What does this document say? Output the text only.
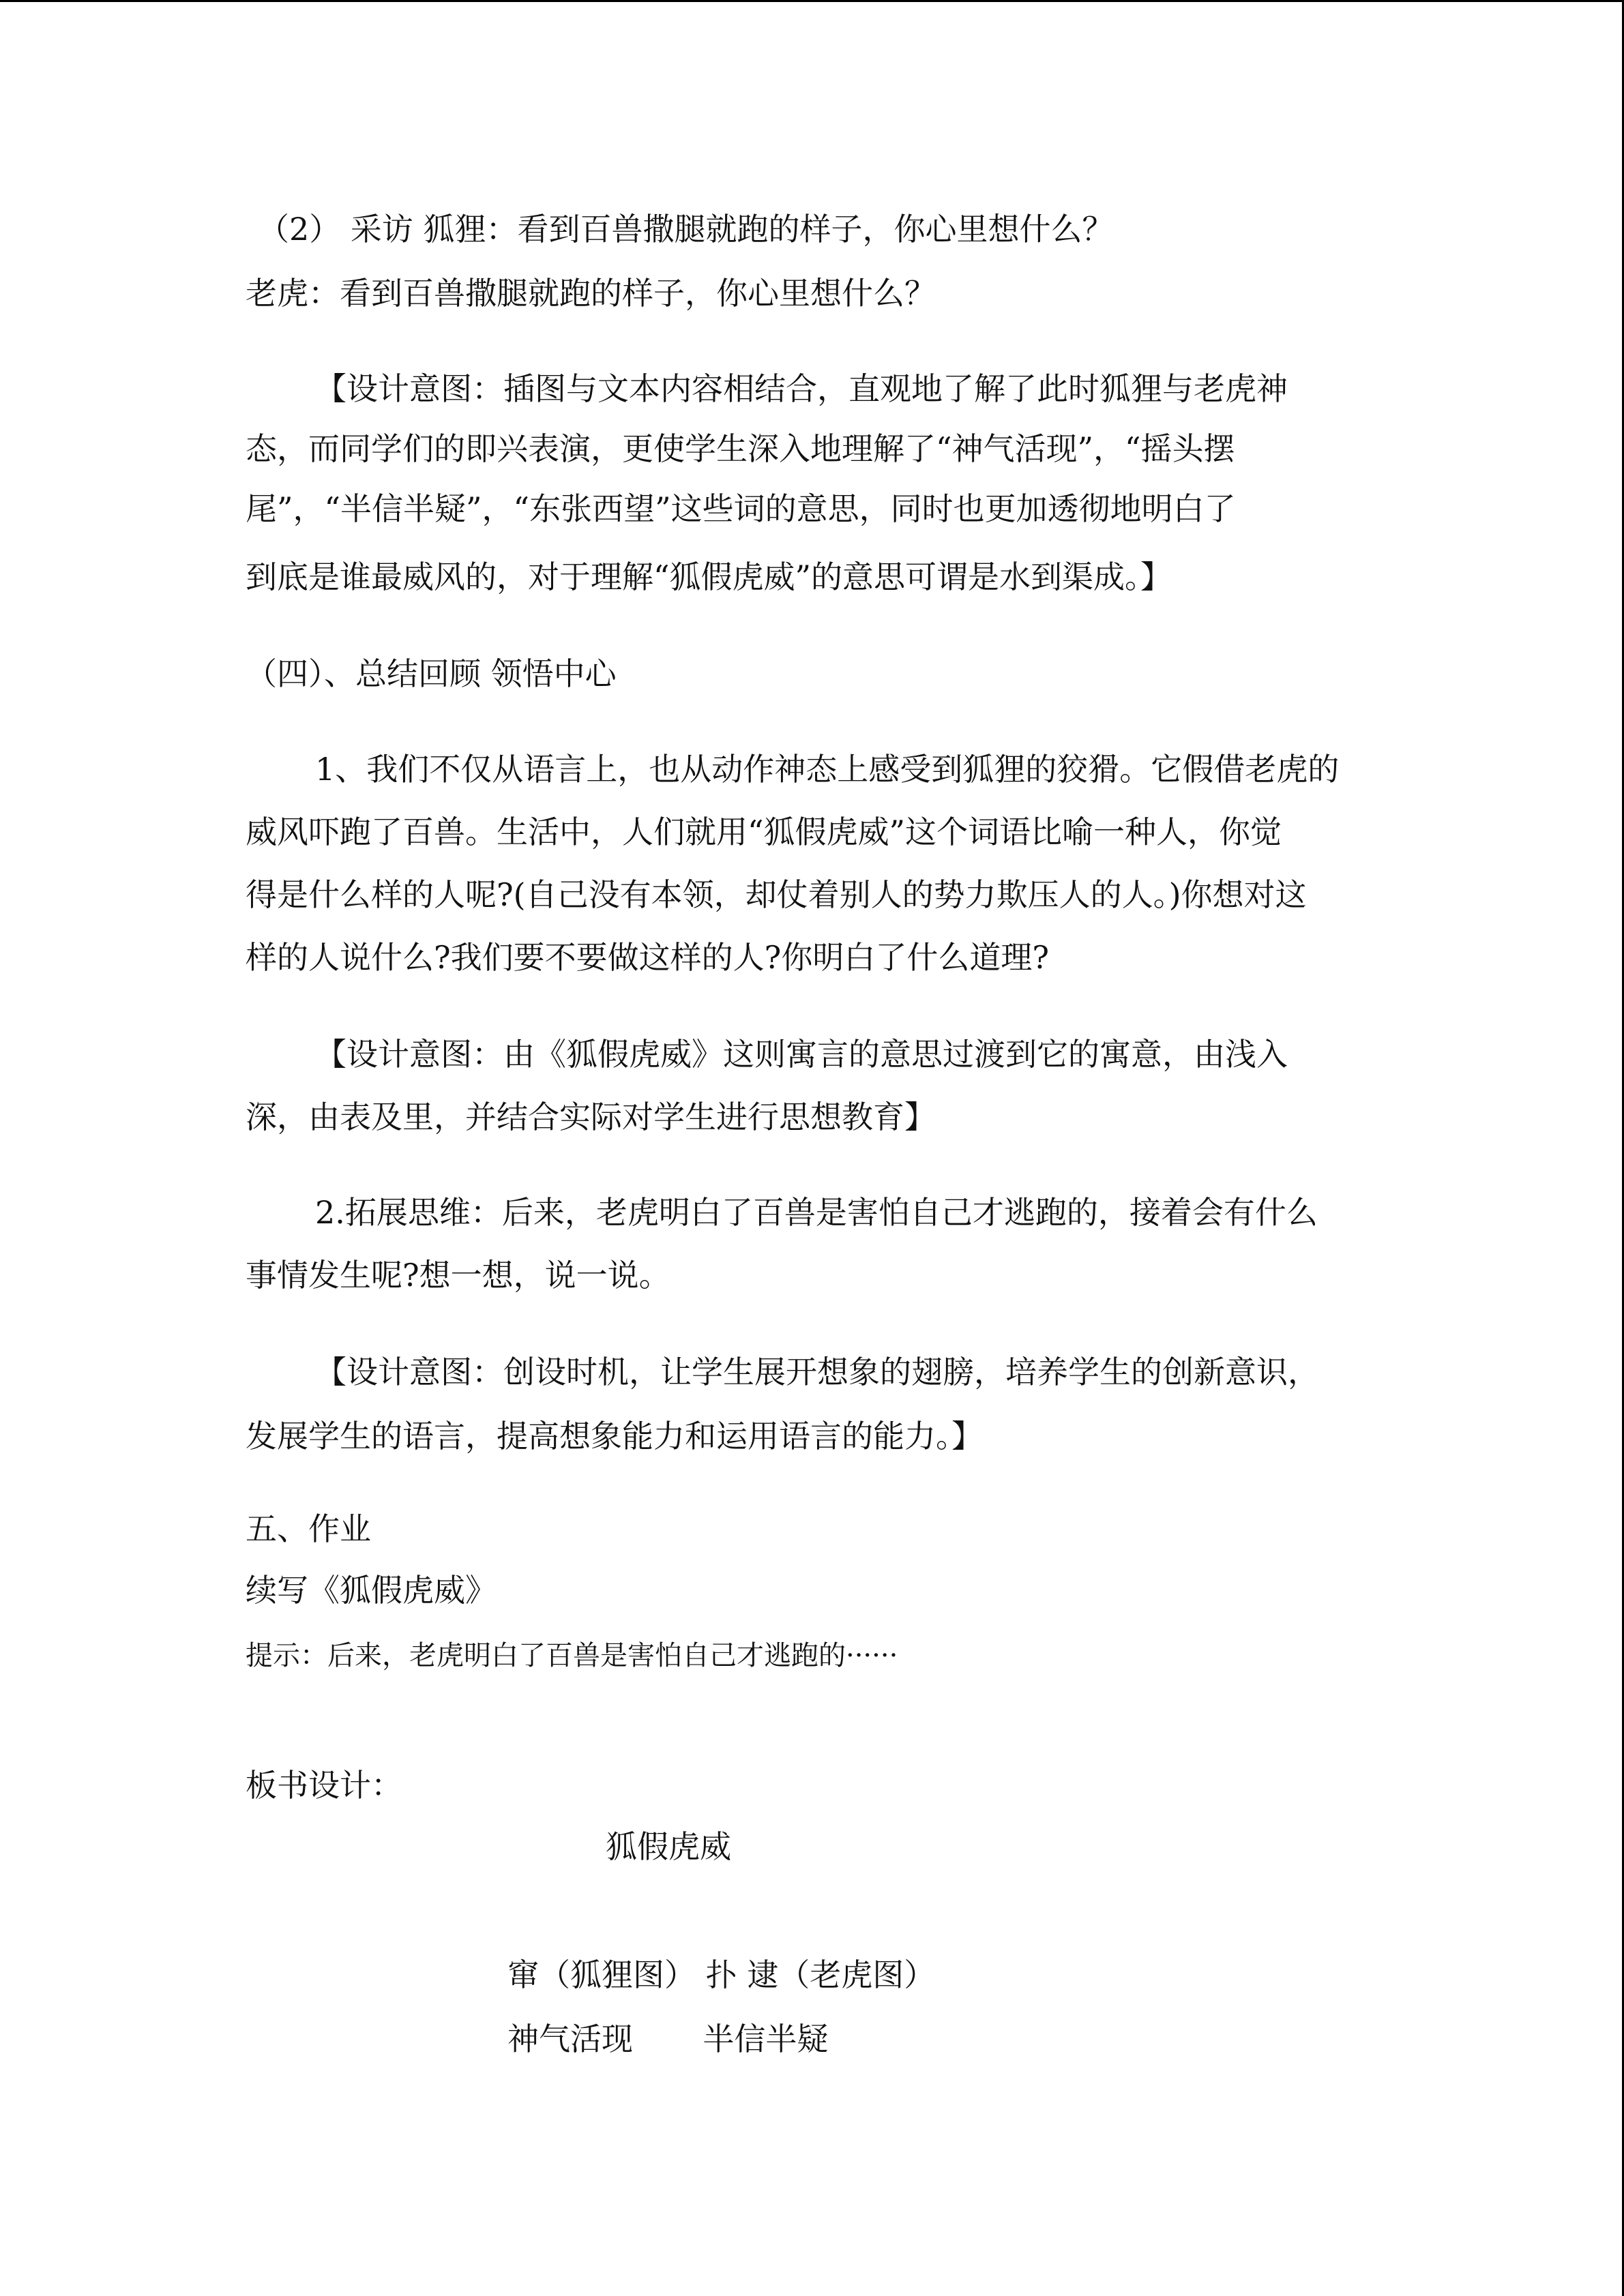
（2） 采访 狐狸：看到百兽撒腿就跑的样子，你心里想什么？
老虎：看到百兽撒腿就跑的样子，你心里想什么？
【设计意图：插图与文本内容相结合，直观地了解了此时狐狸与老虎神
态，而同学们的即兴表演，更使学生深入地理解了“神气活现”，“摇头摆
尾”，“半信半疑”，“东张西望”这些词的意思，同时也更加透彻地明白了
到底是谁最威风的，对于理解“狐假虎威”的意思可谓是水到渠成。】
（四）、总结回顾 领悟中心
1、我们不仅从语言上，也从动作神态上感受到狐狸的狡猾。它假借老虎的
威风吓跑了百兽。生活中，人们就用“狐假虎威”这个词语比喻一种人，你觉
得是什么样的人呢?(自己没有本领，却仗着别人的势力欺压人的人。)你想对这
样的人说什么?我们要不要做这样的人?你明白了什么道理?
【设计意图：由《狐假虎威》这则寓言的意思过渡到它的寓意，由浅入
深，由表及里，并结合实际对学生进行思想教育】
2.拓展思维：后来，老虎明白了百兽是害怕自己才逃跑的，接着会有什么
事情发生呢?想一想，说一说。
【设计意图：创设时机，让学生展开想象的翅膀，培养学生的创新意识，
发展学生的语言，提高想象能力和运用语言的能力。】
五、作业
续写《狐假虎威》
提示：后来，老虎明白了百兽是害怕自己才逃跑的······
板书设计：
狐假虎威
窜（狐狸图） 扑 逮（老虎图）
神气活现       半信半疑
